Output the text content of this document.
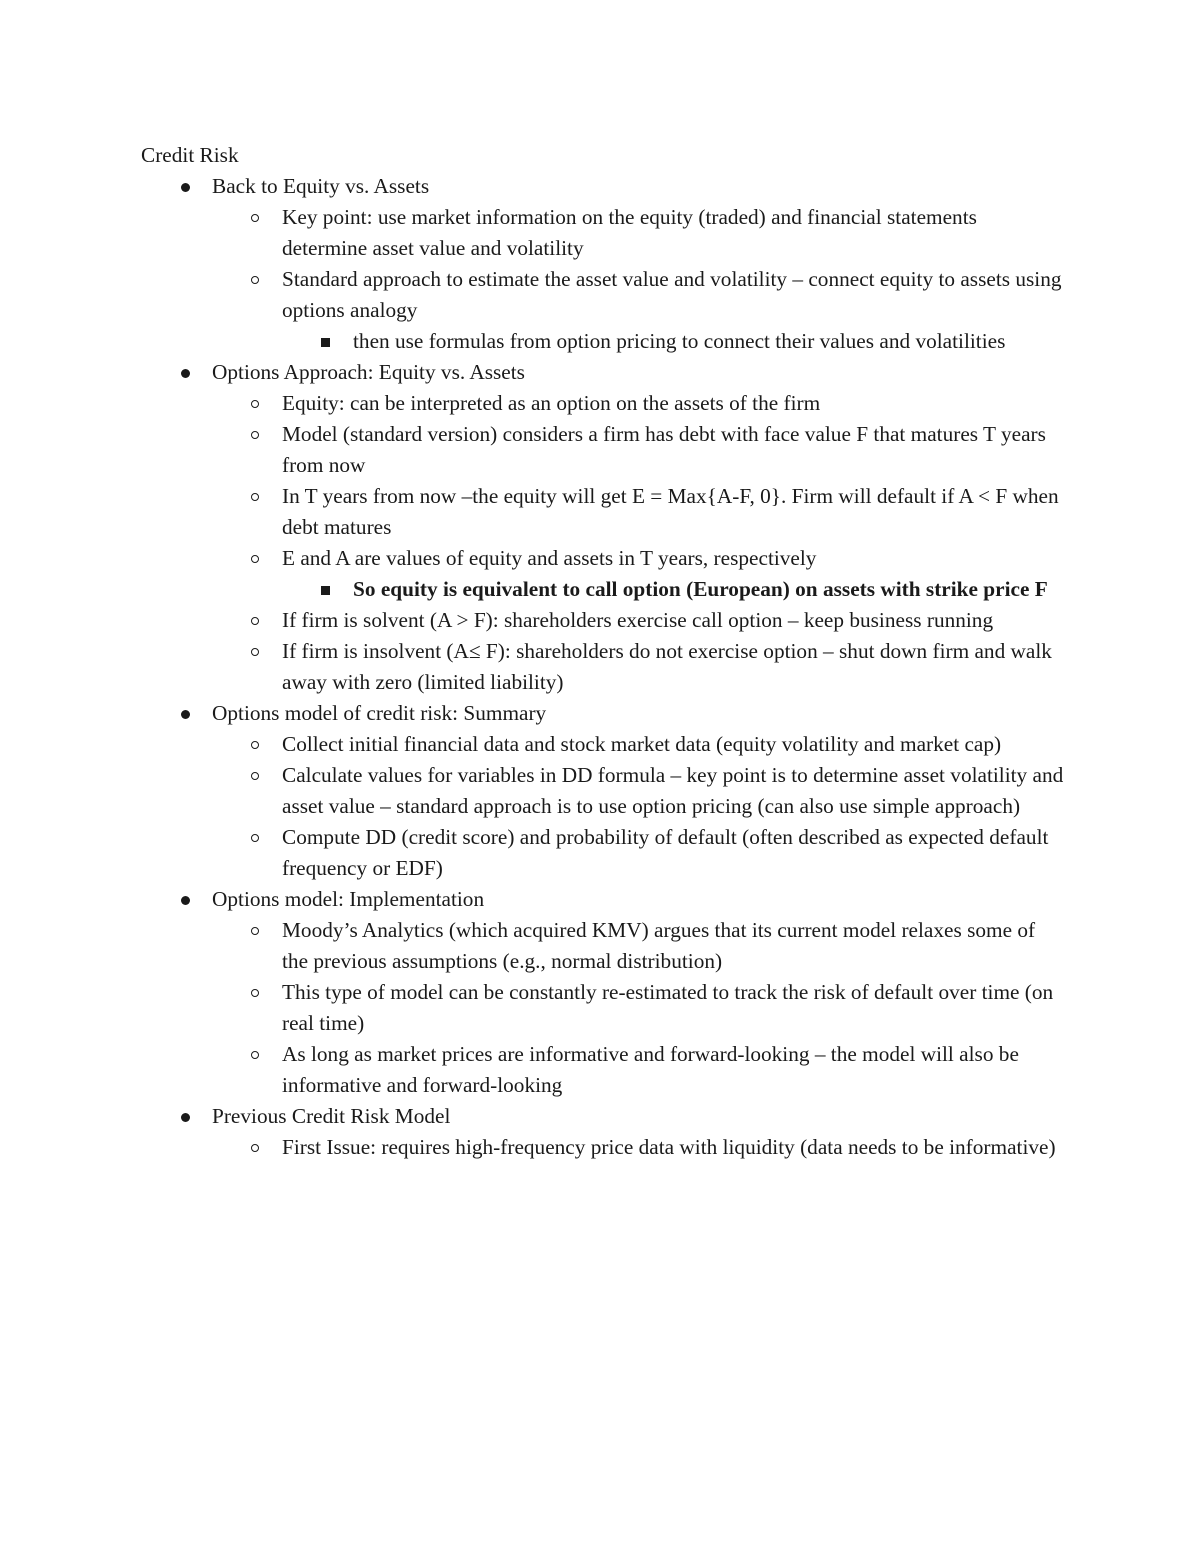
Credit Risk

Back to Equity vs. Assets
Key point: use market information on the equity (traded) and financial statements determine asset value and volatility
Standard approach to estimate the asset value and volatility – connect equity to assets using options analogy
then use formulas from option pricing to connect their values and volatilities
Options Approach: Equity vs. Assets
Equity: can be interpreted as an option on the assets of the firm
Model (standard version) considers a firm has debt with face value F that matures T years from now
In T years from now –the equity will get E = Max{A-F, 0}. Firm will default if A < F when debt matures
E and A are values of equity and assets in T years, respectively
So equity is equivalent to call option (European) on assets with strike price F
If firm is solvent (A > F): shareholders exercise call option – keep business running
If firm is insolvent (A≤ F): shareholders do not exercise option – shut down firm and walk away with zero (limited liability)
Options model of credit risk: Summary
Collect initial financial data and stock market data (equity volatility and market cap)
Calculate values for variables in DD formula – key point is to determine asset volatility and asset value – standard approach is to use option pricing (can also use simple approach)
Compute DD (credit score) and probability of default (often described as expected default frequency or EDF)
Options model: Implementation
Moody’s Analytics (which acquired KMV) argues that its current model relaxes some of the previous assumptions (e.g., normal distribution)
This type of model can be constantly re-estimated to track the risk of default over time (on real time)
As long as market prices are informative and forward-looking – the model will also be informative and forward-looking
Previous Credit Risk Model
First Issue: requires high-frequency price data with liquidity (data needs to be informative)
